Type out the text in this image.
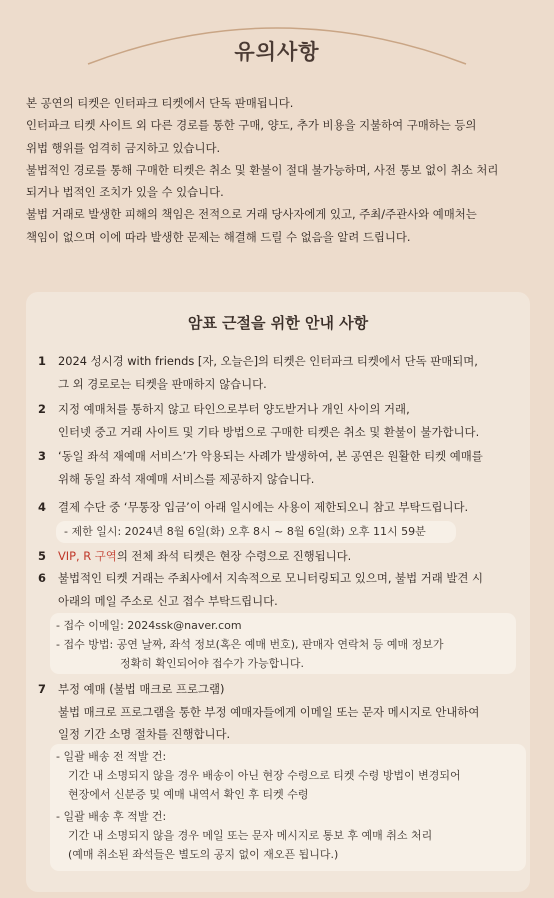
유의사항

본 공연의 티켓은 인터파크 티켓에서 단독 판매됩니다.

인터파크 티켓 사이트 외 다른 경로를 통한 구매, 양도, 추가 비용을 지불하여 구매하는 등의

위법 행위를 엄격히 금지하고 있습니다.

불법적인 경로를 통해 구매한 티켓은 취소 및 환불이 절대 불가능하며, 사전 통보 없이 취소 처리

되거나 법적인 조치가 있을 수 있습니다.

불법 거래로 발생한 피해의 책임은 전적으로 거래 당사자에게 있고, 주최/주관사와 예매처는

책임이 없으며 이에 따라 발생한 문제는 해결해 드릴 수 없음을 알려 드립니다.

암표 근절을 위한 안내 사항
1 2024 성시경 with friends [자, 오늘은]의 티켓은 인터파크 티켓에서 단독 판매되며,
그 외 경로로는 티켓을 판매하지 않습니다.
2 지정 예매처를 통하지 않고 타인으로부터 양도받거나 개인 사이의 거래,
인터넷 중고 거래 사이트 및 기타 방법으로 구매한 티켓은 취소 및 환불이 불가합니다.
3 ‘동일 좌석 재예매 서비스’가 악용되는 사례가 발생하여, 본 공연은 원활한 티켓 예매를
위해 동일 좌석 재예매 서비스를 제공하지 않습니다.
4 결제 수단 중 ‘무통장 입금’이 아래 일시에는 사용이 제한되오니 참고 부탁드립니다.
- 제한 일시: 2024년 8월 6일(화) 오후 8시 ~ 8월 6일(화) 오후 11시 59분
5 VIP, R 구역의 전체 좌석 티켓은 현장 수령으로 진행됩니다.
6 불법적인 티켓 거래는 주최사에서 지속적으로 모니터링되고 있으며, 불법 거래 발견 시
아래의 메일 주소로 신고 접수 부탁드립니다.
- 접수 이메일: 2024ssk@naver.com
- 접수 방법: 공연 날짜, 좌석 정보(혹은 예매 번호), 판매자 연락처 등 예매 정보가
정확히 확인되어야 접수가 가능합니다.
7 부정 예매 (불법 매크로 프로그램)
불법 매크로 프로그램을 통한 부정 예매자들에게 이메일 또는 문자 메시지로 안내하여
일정 기간 소명 절차를 진행합니다.
- 일괄 배송 전 적발 건:
기간 내 소명되지 않을 경우 배송이 아닌 현장 수령으로 티켓 수령 방법이 변경되어
현장에서 신분증 및 예매 내역서 확인 후 티켓 수령
- 일괄 배송 후 적발 건:
기간 내 소명되지 않을 경우 메일 또는 문자 메시지로 통보 후 예매 취소 처리
(예매 취소된 좌석들은 별도의 공지 없이 재오픈 됩니다.)
